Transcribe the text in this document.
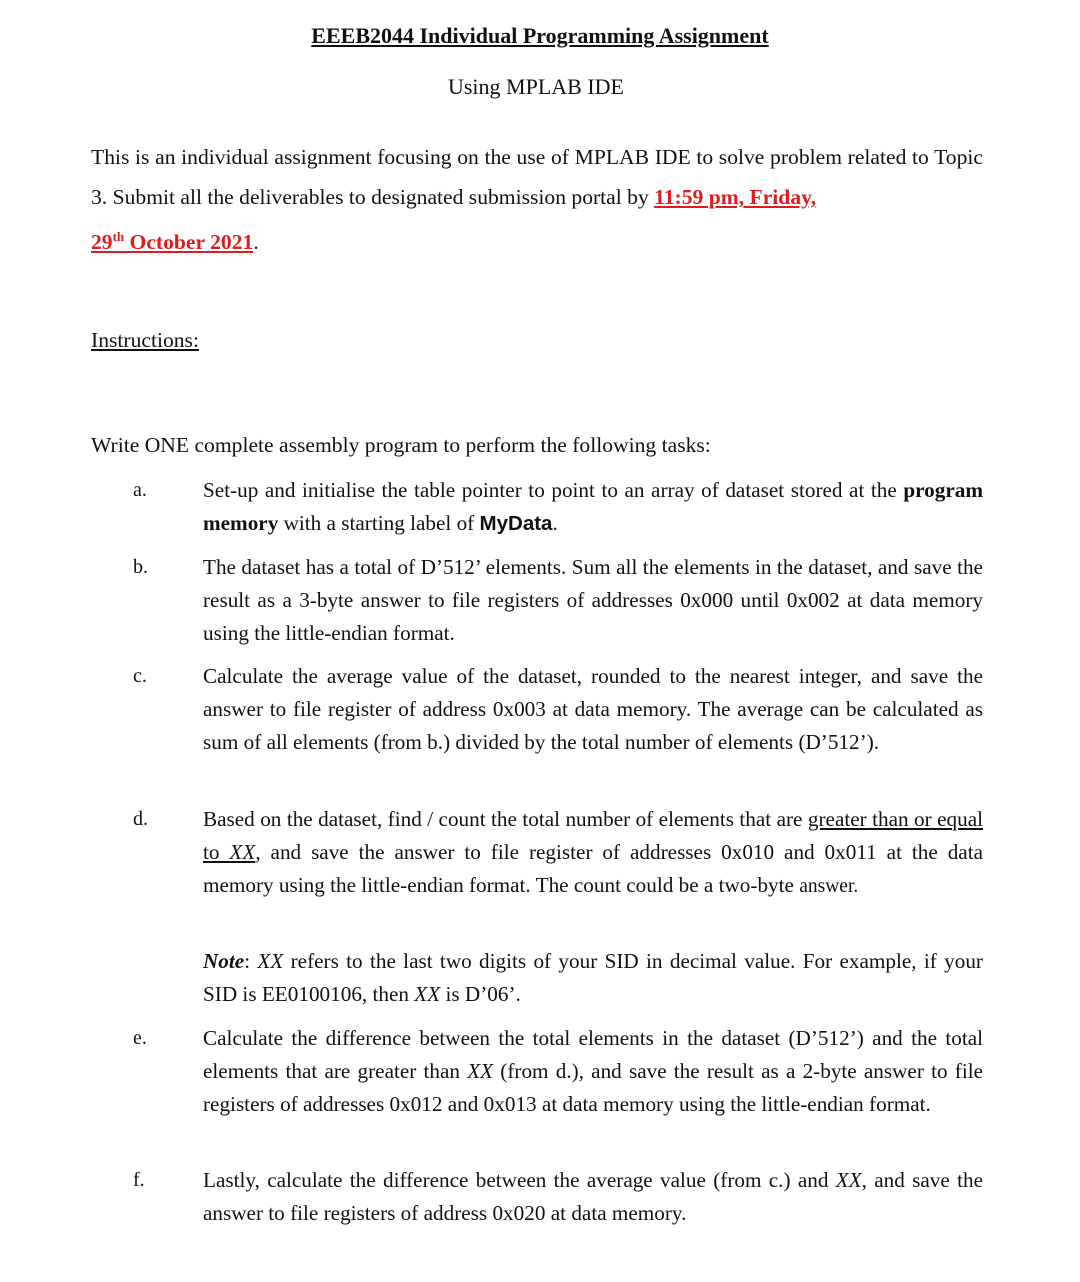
EEEB2044 Individual Programming Assignment
Using MPLAB IDE
This is an individual assignment focusing on the use of MPLAB IDE to solve problem related to Topic 3. Submit all the deliverables to designated submission portal by 11:59 pm, Friday,
29th October 2021.
Instructions:
Write ONE complete assembly program to perform the following tasks:
a.	Set-up and initialise the table pointer to point to an array of dataset stored at the program memory with a starting label of MyData.
b.	The dataset has a total of D’512’ elements. Sum all the elements in the dataset, and save the result as a 3-byte answer to file registers of addresses 0x000 until 0x002 at data memory using the little-endian format.
c.	Calculate the average value of the dataset, rounded to the nearest integer, and save the answer to file register of address 0x003 at data memory. The average can be calculated as sum of all elements (from b.) divided by the total number of elements (D’512’).
d.	Based on the dataset, find / count the total number of elements that are greater than or equal to XX, and save the answer to file register of addresses 0x010 and 0x011 at the data memory using the little-endian format. The count could be a two-byte answer.
Note: XX refers to the last two digits of your SID in decimal value. For example, if your SID is EE0100106, then XX is D’06’.
e.	Calculate the difference between the total elements in the dataset (D’512’) and the total elements that are greater than XX (from d.), and save the result as a 2-byte answer to file registers of addresses 0x012 and 0x013 at data memory using the little-endian format.
f.	Lastly, calculate the difference between the average value (from c.) and XX, and save the answer to file registers of address 0x020 at data memory.
